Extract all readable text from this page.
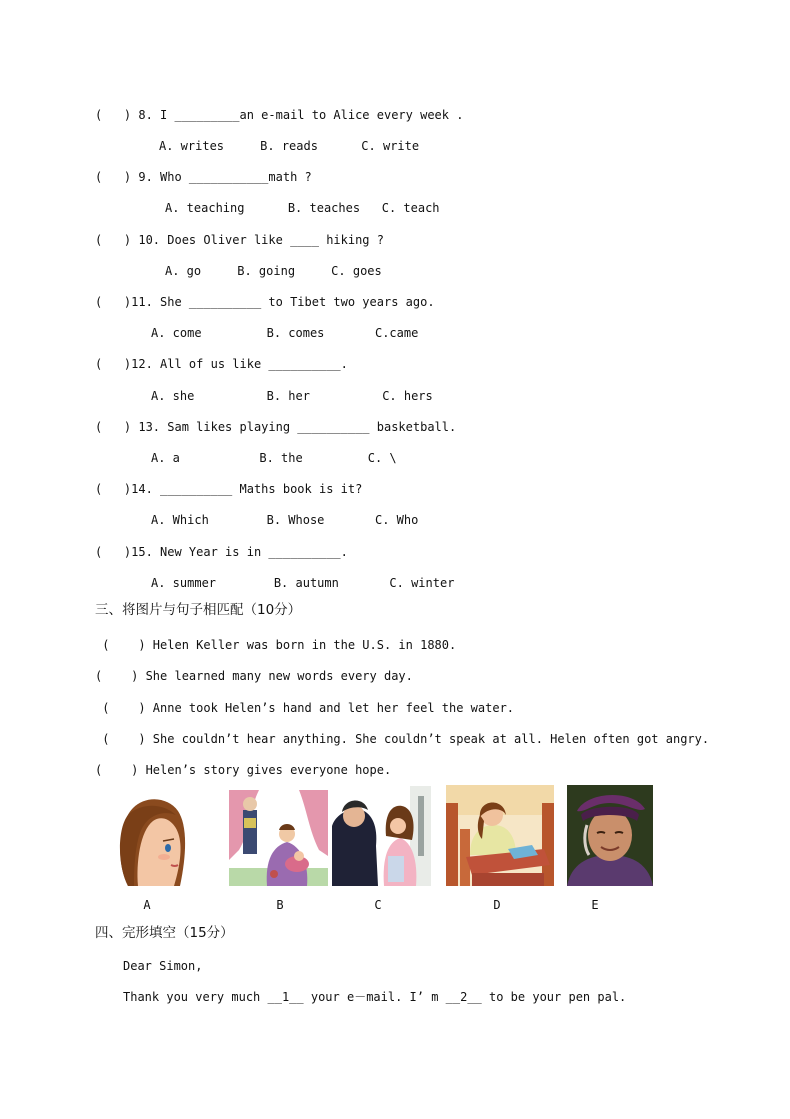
(   ) 8. I _________an e-mail to Alice every week .
A. writes     B. reads      C. write
(   ) 9. Who ___________math ?
A. teaching      B. teaches   C. teach
(   ) 10. Does Oliver like ____ hiking ?
A. go     B. going     C. goes
(   )11. She __________ to Tibet two years ago.
A. come         B. comes       C.came
(   )12. All of us like __________.
A. she          B. her          C. hers
(   ) 13. Sam likes playing __________ basketball.
A. a           B. the         C. \
(   )14. __________ Maths book is it?
A. Which        B. Whose       C. Who
(   )15. New Year is in __________.
A. summer        B. autumn       C. winter
三、将图片与句子相匹配（10分）
(    ) Helen Keller was born in the U.S. in 1880.
(    ) She learned many new words every day.
(    ) Anne took Helen’s hand and let her feel the water.
(    ) She couldn’t hear anything. She couldn’t speak at all. Helen often got angry.
(    ) Helen’s story gives everyone hope.
A	B	C	D	E
四、完形填空（15分）
Dear Simon,
Thank you very much __1__ your e－mail. I’ m __2__ to be your pen pal.
